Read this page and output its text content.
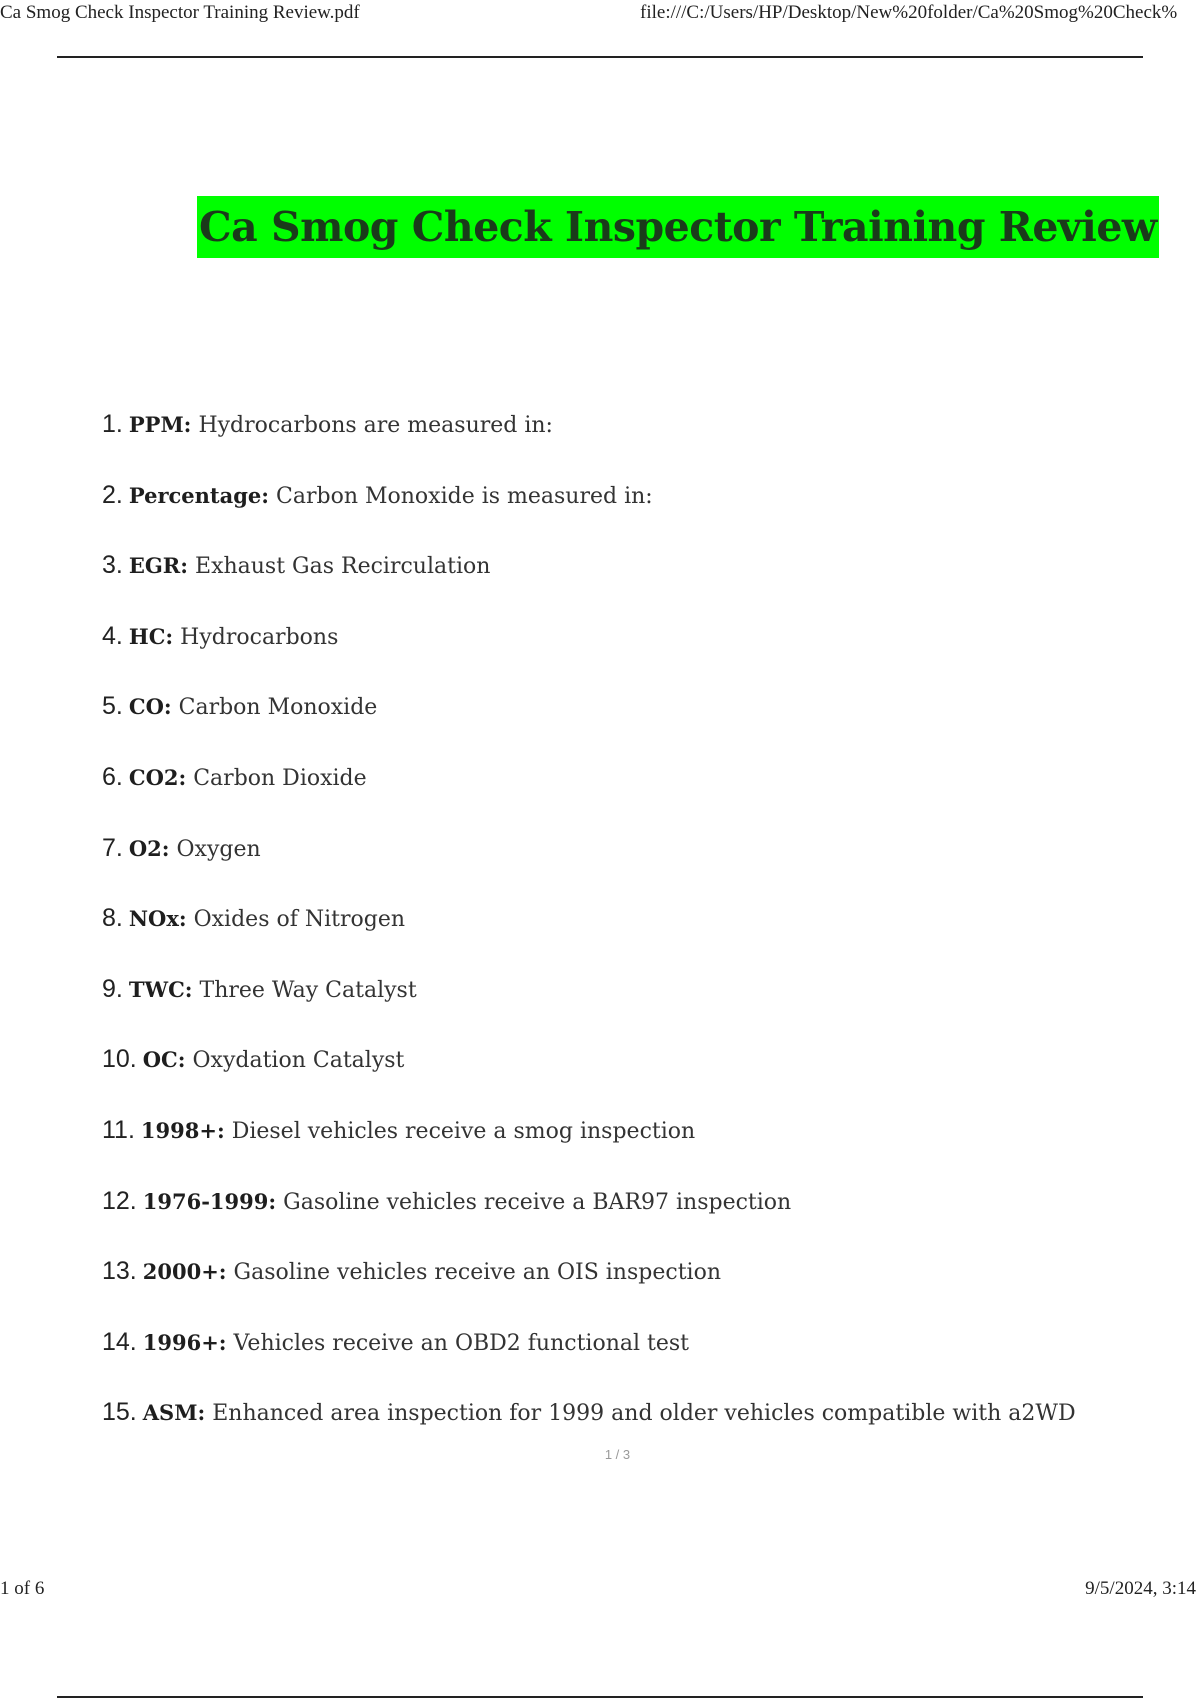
Ca Smog Check Inspector Training Review.pdf	file:///C:/Users/HP/Desktop/New%20folder/Ca%20Smog%20Check%
Ca Smog Check Inspector Training Review
1. PPM: Hydrocarbons are measured in:
2. Percentage: Carbon Monoxide is measured in:
3. EGR: Exhaust Gas Recirculation
4. HC: Hydrocarbons
5. CO: Carbon Monoxide
6. CO2: Carbon Dioxide
7. O2: Oxygen
8. NOx: Oxides of Nitrogen
9. TWC: Three Way Catalyst
10. OC: Oxydation Catalyst
11. 1998+: Diesel vehicles receive a smog inspection
12. 1976-1999: Gasoline vehicles receive a BAR97 inspection
13. 2000+: Gasoline vehicles receive an OIS inspection
14. 1996+: Vehicles receive an OBD2 functional test
15. ASM: Enhanced area inspection for 1999 and older vehicles compatible with a2WD
1 / 3
1 of 6	9/5/2024, 3:14
